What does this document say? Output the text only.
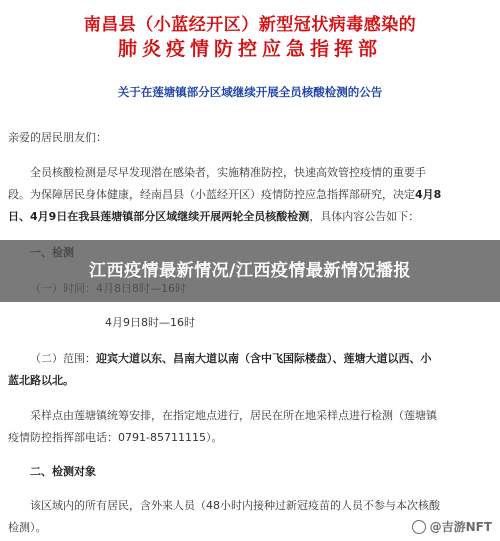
南昌县（小蓝经开区）新型冠状病毒感染的
肺炎疫情防控应急指挥部
关于在莲塘镇部分区域继续开展全员核酸检测的公告
亲爱的居民朋友们：
全员核酸检测是尽早发现潜在感染者，实施精准防控，快速高效管控疫情的重要手
段。为保障居民身体健康，经南昌县（小蓝经开区）疫情防控应急指挥部研究，决定4月8
日、4月9日在我县莲塘镇部分区域继续开展两轮全员核酸检测，具体内容公告如下：
4月9日8时—16时
（二）范围：迎宾大道以东、昌南大道以南（含中飞国际楼盘）、莲塘大道以西、小
蓝北路以北。
采样点由莲塘镇统筹安排，在指定地点进行，居民在所在地采样点进行检测（莲塘镇
疫情防控指挥部电话：0791-85711115）。
二、检测对象
该区域内的所有居民，含外来人员（48小时内接种过新冠疫苗的人员不参与本次核酸
检测）。
江西疫情最新情况/江西疫情最新情况播报
@吉游NFT
